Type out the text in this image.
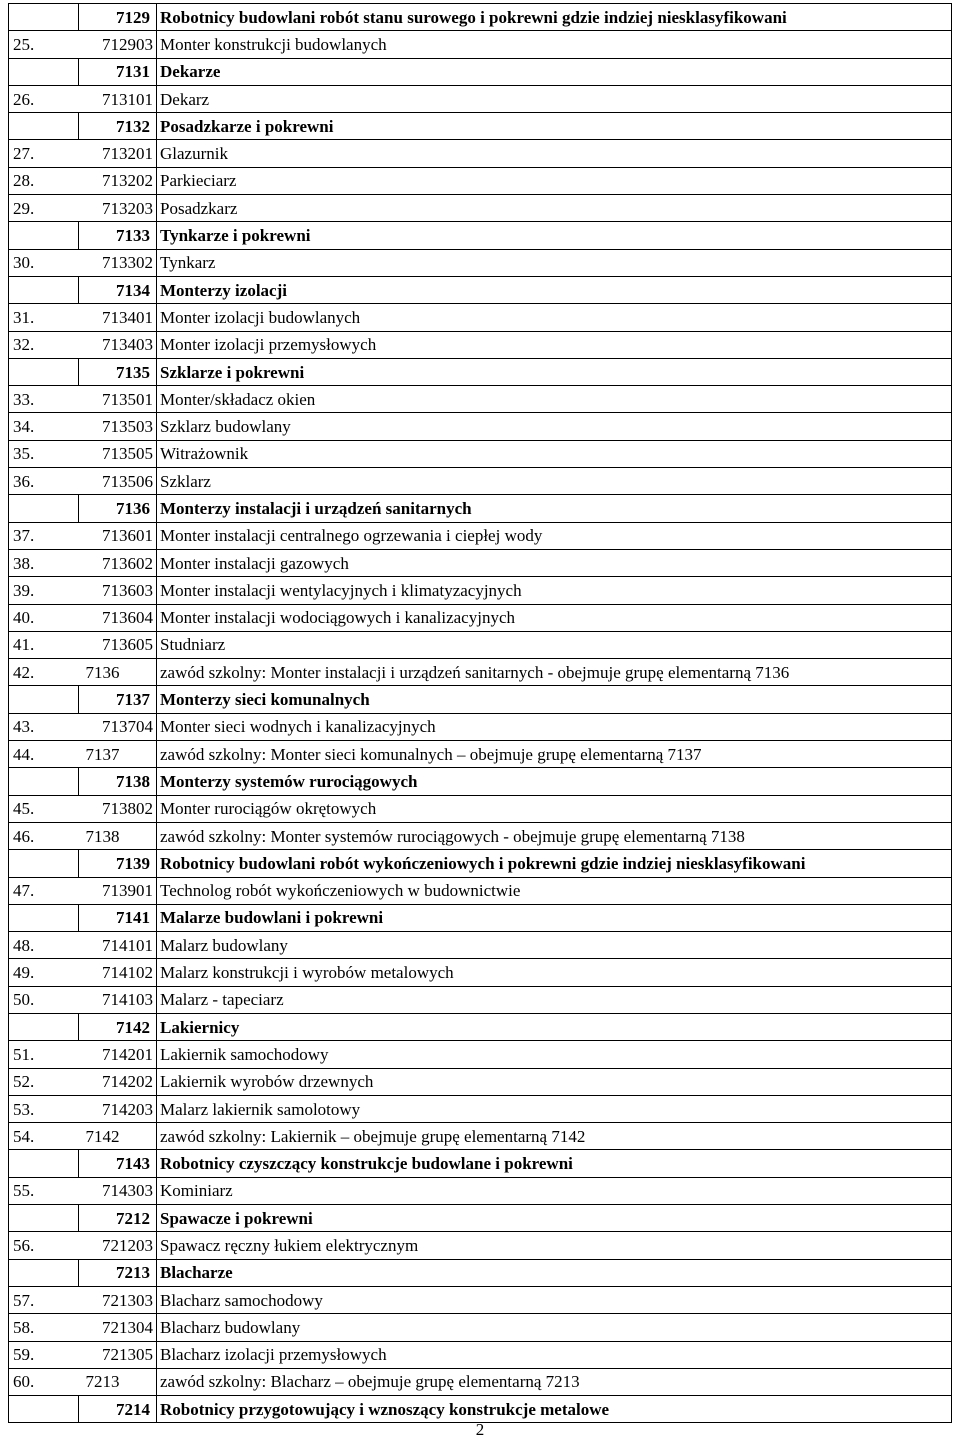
	7129	Robotnicy budowlani robót stanu surowego i pokrewni gdzie indziej niesklasyfikowani
25.	712903	Monter konstrukcji budowlanych
	7131	Dekarze
26.	713101	Dekarz
	7132	Posadzkarze i pokrewni
27.	713201	Glazurnik
28.	713202	Parkieciarz
29.	713203	Posadzkarz
	7133	Tynkarze i pokrewni
30.	713302	Tynkarz
	7134	Monterzy izolacji
31.	713401	Monter izolacji budowlanych
32.	713403	Monter izolacji przemysłowych
	7135	Szklarze i pokrewni
33.	713501	Monter/składacz okien
34.	713503	Szklarz budowlany
35.	713505	Witrażownik
36.	713506	Szklarz
	7136	Monterzy instalacji i urządzeń sanitarnych
37.	713601	Monter instalacji centralnego ogrzewania i ciepłej wody
38.	713602	Monter instalacji gazowych
39.	713603	Monter instalacji wentylacyjnych i klimatyzacyjnych
40.	713604	Monter instalacji wodociągowych i kanalizacyjnych
41.	713605	Studniarz
42.	7136	zawód szkolny: Monter instalacji i urządzeń sanitarnych - obejmuje grupę elementarną 7136
	7137	Monterzy sieci komunalnych
43.	713704	Monter sieci wodnych i kanalizacyjnych
44.	7137	zawód szkolny: Monter sieci komunalnych – obejmuje grupę elementarną 7137
	7138	Monterzy systemów rurociągowych
45.	713802	Monter rurociągów okrętowych
46.	7138	zawód szkolny: Monter systemów rurociągowych - obejmuje grupę elementarną 7138
	7139	Robotnicy budowlani robót wykończeniowych i pokrewni gdzie indziej niesklasyfikowani
47.	713901	Technolog robót wykończeniowych w budownictwie
	7141	Malarze budowlani i pokrewni
48.	714101	Malarz budowlany
49.	714102	Malarz konstrukcji i wyrobów metalowych
50.	714103	Malarz - tapeciarz
	7142	Lakiernicy
51.	714201	Lakiernik samochodowy
52.	714202	Lakiernik wyrobów drzewnych
53.	714203	Malarz lakiernik samolotowy
54.	7142	zawód szkolny: Lakiernik – obejmuje grupę elementarną 7142
	7143	Robotnicy czyszczący konstrukcje budowlane i pokrewni
55.	714303	Kominiarz
	7212	Spawacze i pokrewni
56.	721203	Spawacz ręczny łukiem elektrycznym
	7213	Blacharze
57.	721303	Blacharz samochodowy
58.	721304	Blacharz budowlany
59.	721305	Blacharz izolacji przemysłowych
60.	7213	zawód szkolny: Blacharz – obejmuje grupę elementarną 7213
	7214	Robotnicy przygotowujący i wznoszący konstrukcje metalowe
2
